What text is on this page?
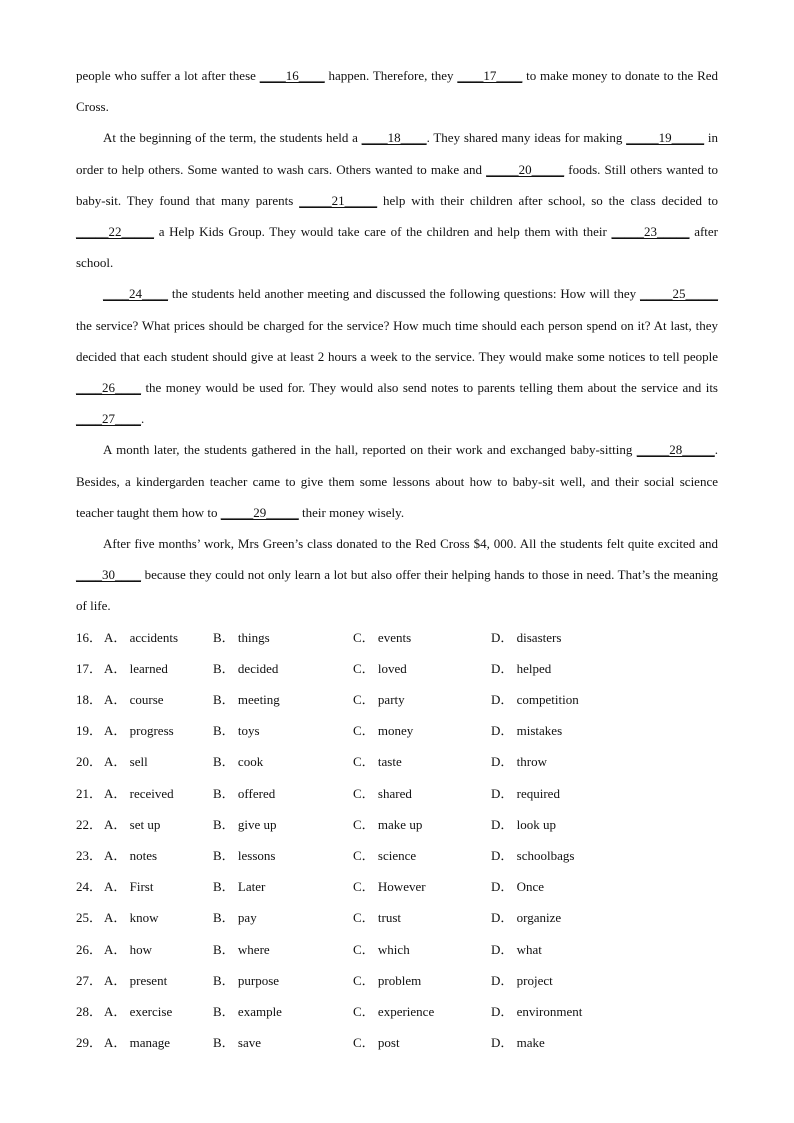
people who suffer a lot after these ____16____ happen. Therefore, they ____17____ to make money to donate to the Red Cross.

At the beginning of the term, the students held a ____18____. They shared many ideas for making _____19_____ in order to help others. Some wanted to wash cars. Others wanted to make and _____20_____ foods. Still others wanted to baby-sit. They found that many parents _____21_____ help with their children after school, so the class decided to _____22_____ a Help Kids Group. They would take care of the children and help them with their _____23_____ after school.

____24____ the students held another meeting and discussed the following questions: How will they _____25_____ the service? What prices should be charged for the service? How much time should each person spend on it? At last, they decided that each student should give at least 2 hours a week to the service. They would make some notices to tell people ____26____ the money would be used for. They would also send notes to parents telling them about the service and its ____27____.

A month later, the students gathered in the hall, reported on their work and exchanged baby-sitting _____28_____. Besides, a kindergarden teacher came to give them some lessons about how to baby-sit well, and their social science teacher taught them how to _____29_____ their money wisely.

After five months’ work, Mrs Green’s class donated to the Red Cross $4, 000. All the students felt quite excited and ____30____ because they could not only learn a lot but also offer their helping hands to those in need. That’s the meaning of life.

16． A． accidents	B． things	C． events	D． disasters
17． A． learned	B． decided	C． loved	D． helped
18． A． course	B． meeting	C． party	D． competition
19． A． progress	B． toys	C． money	D． mistakes
20． A． sell	B． cook	C． taste	D． throw
21． A． received	B． offered	C． shared	D． required
22． A． set up	B． give up	C． make up	D． look up
23． A． notes	B． lessons	C． science	D． schoolbags
24． A． First	B． Later	C． However	D． Once
25． A． know	B． pay	C． trust	D． organize
26． A． how	B． where	C． which	D． what
27． A． present	B． purpose	C． problem	D． project
28． A． exercise	B． example	C． experience	D． environment
29． A． manage	B． save	C． post	D． make
